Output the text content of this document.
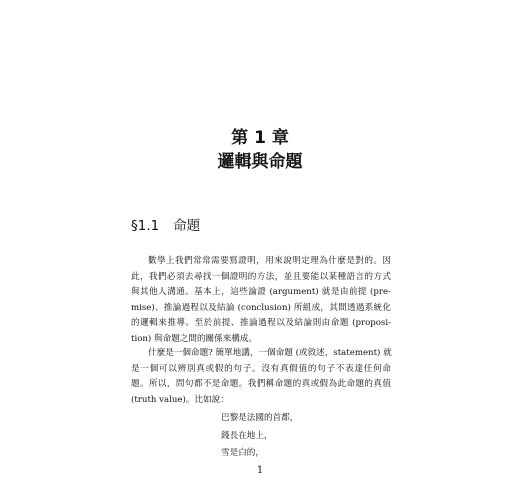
第 1 章
邏輯與命題
§1.1 命題
數學上我們常常需要寫證明，用來說明定理為什麼是對的。因
此，我們必須去尋找一個證明的方法，並且要能以某種語言的方式
與其他人溝通。基本上，這些論證 (argument) 就是由前提 (pre-
mise)、推論過程以及結論 (conclusion) 所組成，其間透過系統化
的邏輯來推導。至於前提、推論過程以及結論則由命題 (proposi-
tion) 與命題之間的關係來構成。
什麼是一個命題? 簡單地講，一個命題 (或敘述，statement) 就
是一個可以辨別真或假的句子。沒有真假值的句子不表達任何命
題。所以，問句都不是命題。我們稱命題的真或假為此命題的真值
(truth value)。比如說：
巴黎是法國的首都，
錢長在地上，
雪是白的，
1
